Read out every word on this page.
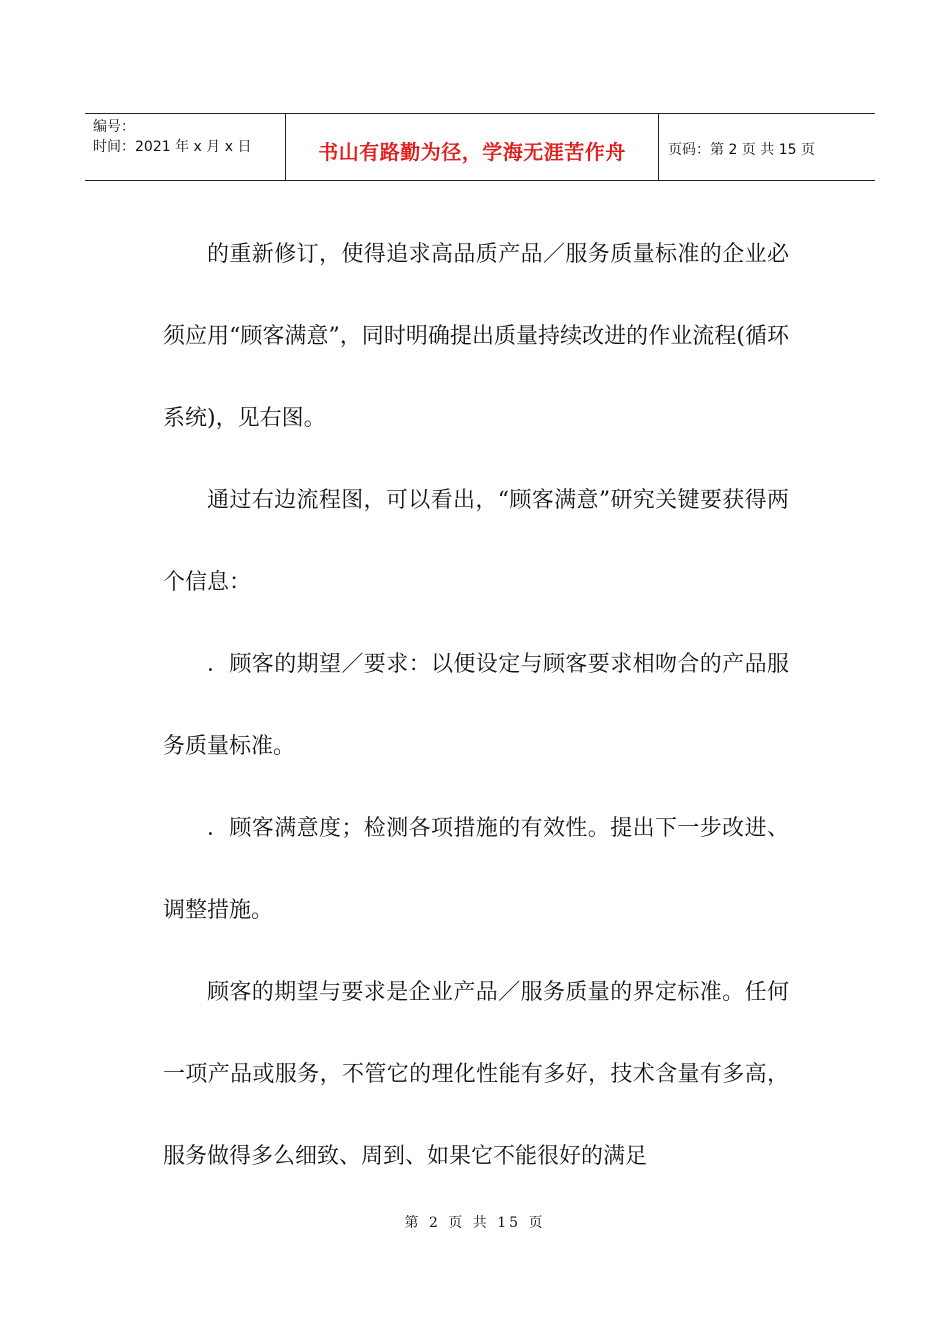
编号：
时间：2021 年 x 月 x 日	书山有路勤为径，学海无涯苦作舟	页码：第 2 页 共 15 页

的重新修订，使得追求高品质产品／服务质量标准的企业必须应用“顾客满意”，同时明确提出质量持续改进的作业流程(循环系统)，见右图。

通过右边流程图，可以看出，“顾客满意”研究关键要获得两个信息：

．顾客的期望／要求：以便设定与顾客要求相吻合的产品服务质量标准。

．顾客满意度；检测各项措施的有效性。提出下一步改进、调整措施。

顾客的期望与要求是企业产品／服务质量的界定标准。任何一项产品或服务，不管它的理化性能有多好，技术含量有多高，服务做得多么细致、周到、如果它不能很好的满足

第 2 页 共 15 页
